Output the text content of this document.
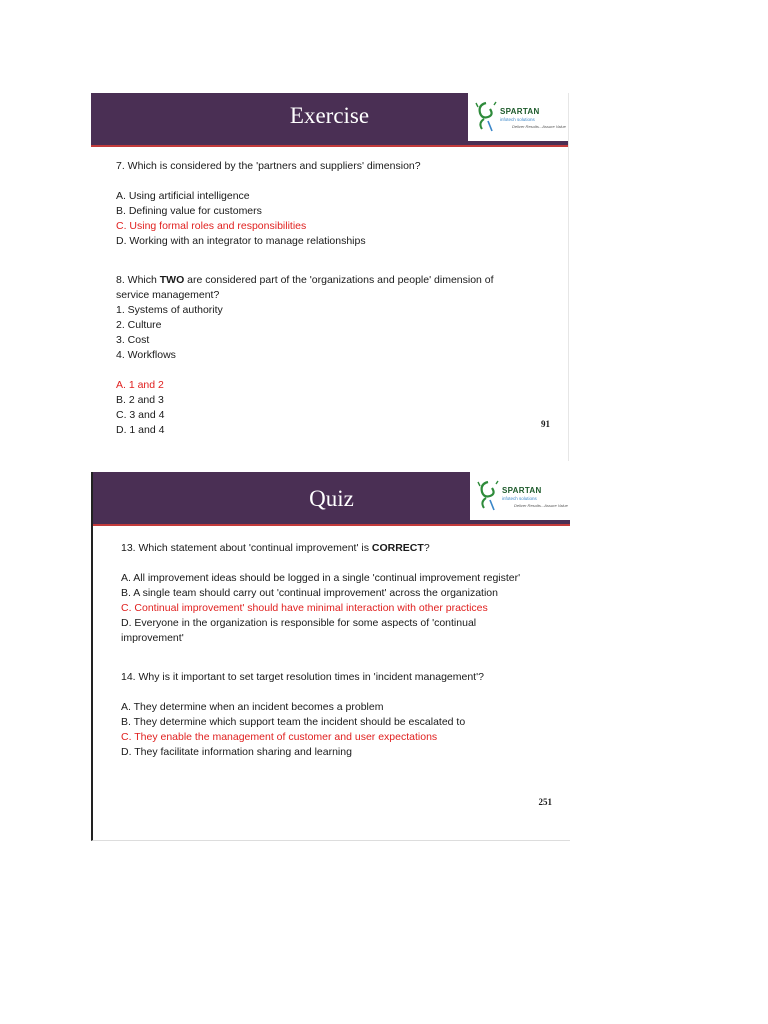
Exercise	SPARTAN
infotech solutions
Deliver Results...Assure Value
7. Which is considered by the 'partners and suppliers' dimension?
A. Using artificial intelligence
B. Defining value for customers
C. Using formal roles and responsibilities
D. Working with an integrator to manage relationships
8. Which TWO are considered part of the 'organizations and people' dimension of
service management?
1. Systems of authority
2. Culture
3. Cost
4. Workflows
A. 1 and 2
B. 2 and 3
C. 3 and 4
D. 1 and 4	91
Quiz	SPARTAN
infotech solutions
Deliver Results...Assure Value
13. Which statement about 'continual improvement' is CORRECT?
A. All improvement ideas should be logged in a single 'continual improvement register'
B. A single team should carry out 'continual improvement' across the organization
C. Continual improvement' should have minimal interaction with other practices
D. Everyone in the organization is responsible for some aspects of 'continual
improvement'
14. Why is it important to set target resolution times in 'incident management'?
A. They determine when an incident becomes a problem
B. They determine which support team the incident should be escalated to
C. They enable the management of customer and user expectations
D. They facilitate information sharing and learning
251
